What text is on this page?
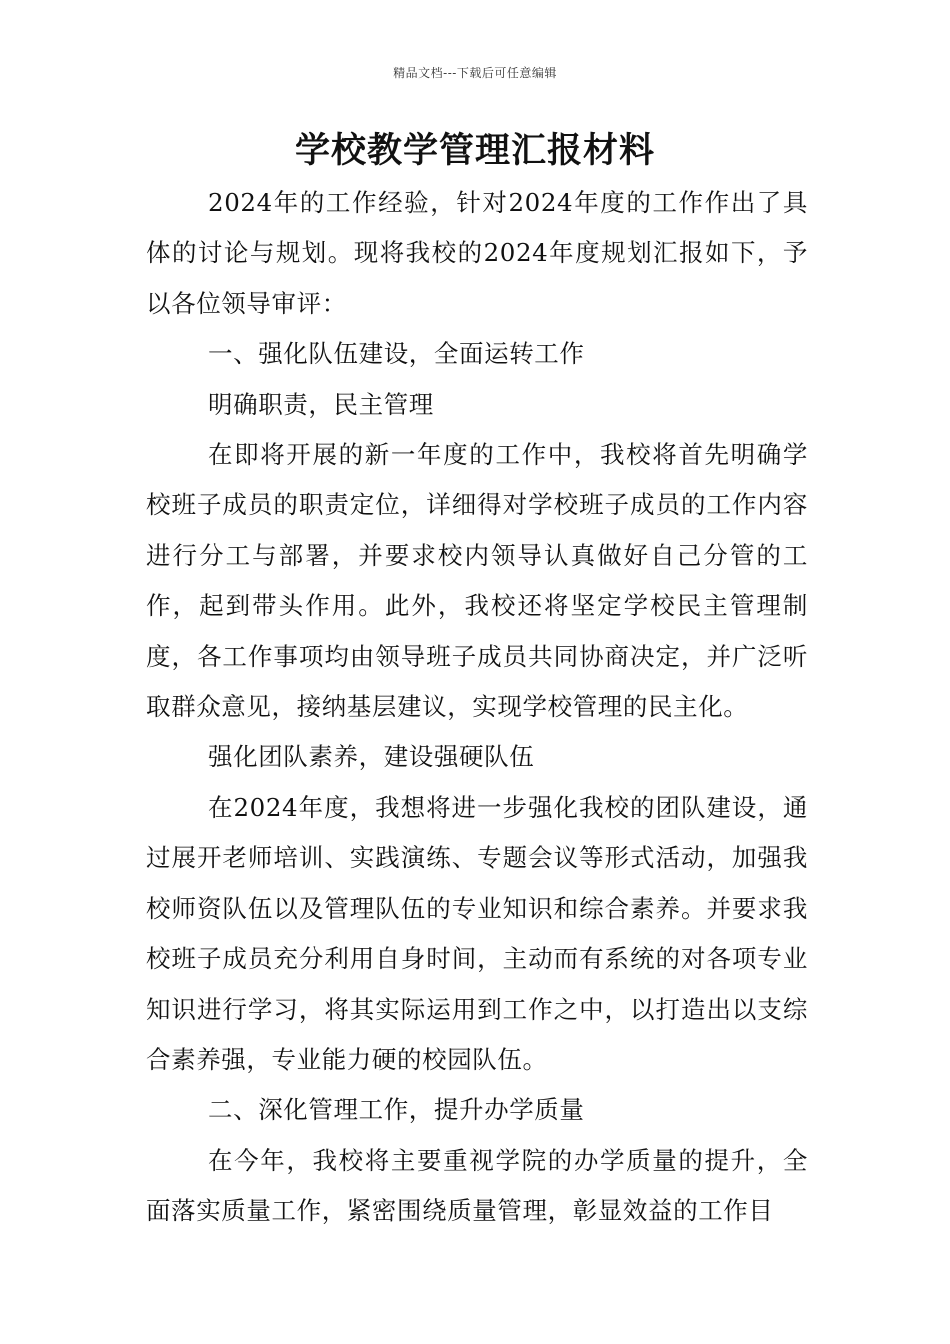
精品文档---下载后可任意编辑
学校教学管理汇报材料

2024年的工作经验，针对2024年度的工作作出了具体的讨论与规划。现将我校的2024年度规划汇报如下，予以各位领导审评：

一、强化队伍建设，全面运转工作

明确职责，民主管理

在即将开展的新一年度的工作中，我校将首先明确学校班子成员的职责定位，详细得对学校班子成员的工作内容进行分工与部署，并要求校内领导认真做好自己分管的工作，起到带头作用。此外，我校还将坚定学校民主管理制度，各工作事项均由领导班子成员共同协商决定，并广泛听取群众意见，接纳基层建议，实现学校管理的民主化。

强化团队素养，建设强硬队伍

在2024年度，我想将进一步强化我校的团队建设，通过展开老师培训、实践演练、专题会议等形式活动，加强我校师资队伍以及管理队伍的专业知识和综合素养。并要求我校班子成员充分利用自身时间，主动而有系统的对各项专业知识进行学习，将其实际运用到工作之中，以打造出以支综合素养强，专业能力硬的校园队伍。

二、深化管理工作，提升办学质量

在今年，我校将主要重视学院的办学质量的提升，全面落实质量工作，紧密围绕质量管理，彰显效益的工作目
